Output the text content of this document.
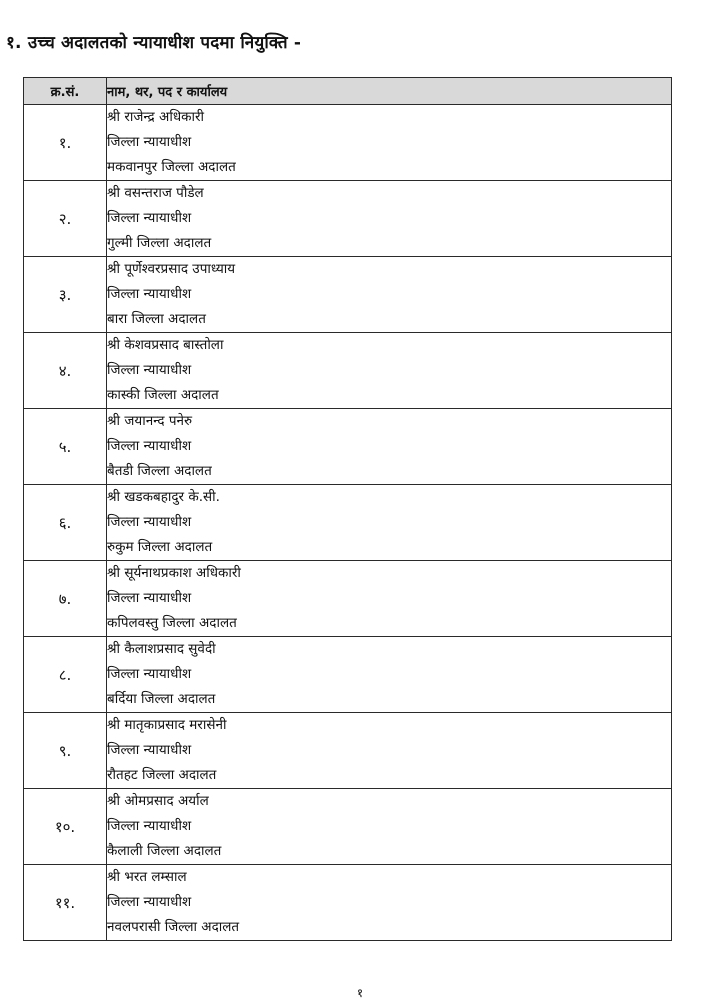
१. उच्च अदालतको न्यायाधीश पदमा नियुक्ति -
क्र.सं.	नाम, थर, पद र कार्यालय
१.	श्री राजेन्द्र अधिकारी
जिल्ला न्यायाधीश
मकवानपुर जिल्ला अदालत

२.	श्री वसन्तराज पौडेल
जिल्ला न्यायाधीश
गुल्मी जिल्ला अदालत

३.	श्री पूर्णेश्वरप्रसाद उपाध्याय
जिल्ला न्यायाधीश
बारा जिल्ला अदालत

४.	श्री केशवप्रसाद बास्तोला
जिल्ला न्यायाधीश
कास्की जिल्ला अदालत

५.	श्री जयानन्द पनेरु
जिल्ला न्यायाधीश
बैतडी जिल्ला अदालत

६.	श्री खडकबहादुर के.सी.
जिल्ला न्यायाधीश
रुकुम जिल्ला अदालत

७.	श्री सूर्यनाथप्रकाश अधिकारी
जिल्ला न्यायाधीश
कपिलवस्तु जिल्ला अदालत

८.	श्री कैलाशप्रसाद सुवेदी
जिल्ला न्यायाधीश
बर्दिया जिल्ला अदालत

९.	श्री मातृकाप्रसाद मरासेनी
जिल्ला न्यायाधीश
रौतहट जिल्ला अदालत

१०.	श्री ओमप्रसाद अर्याल
जिल्ला न्यायाधीश
कैलाली जिल्ला अदालत

११.	श्री भरत लम्साल
जिल्ला न्यायाधीश
नवलपरासी जिल्ला अदालत
१
